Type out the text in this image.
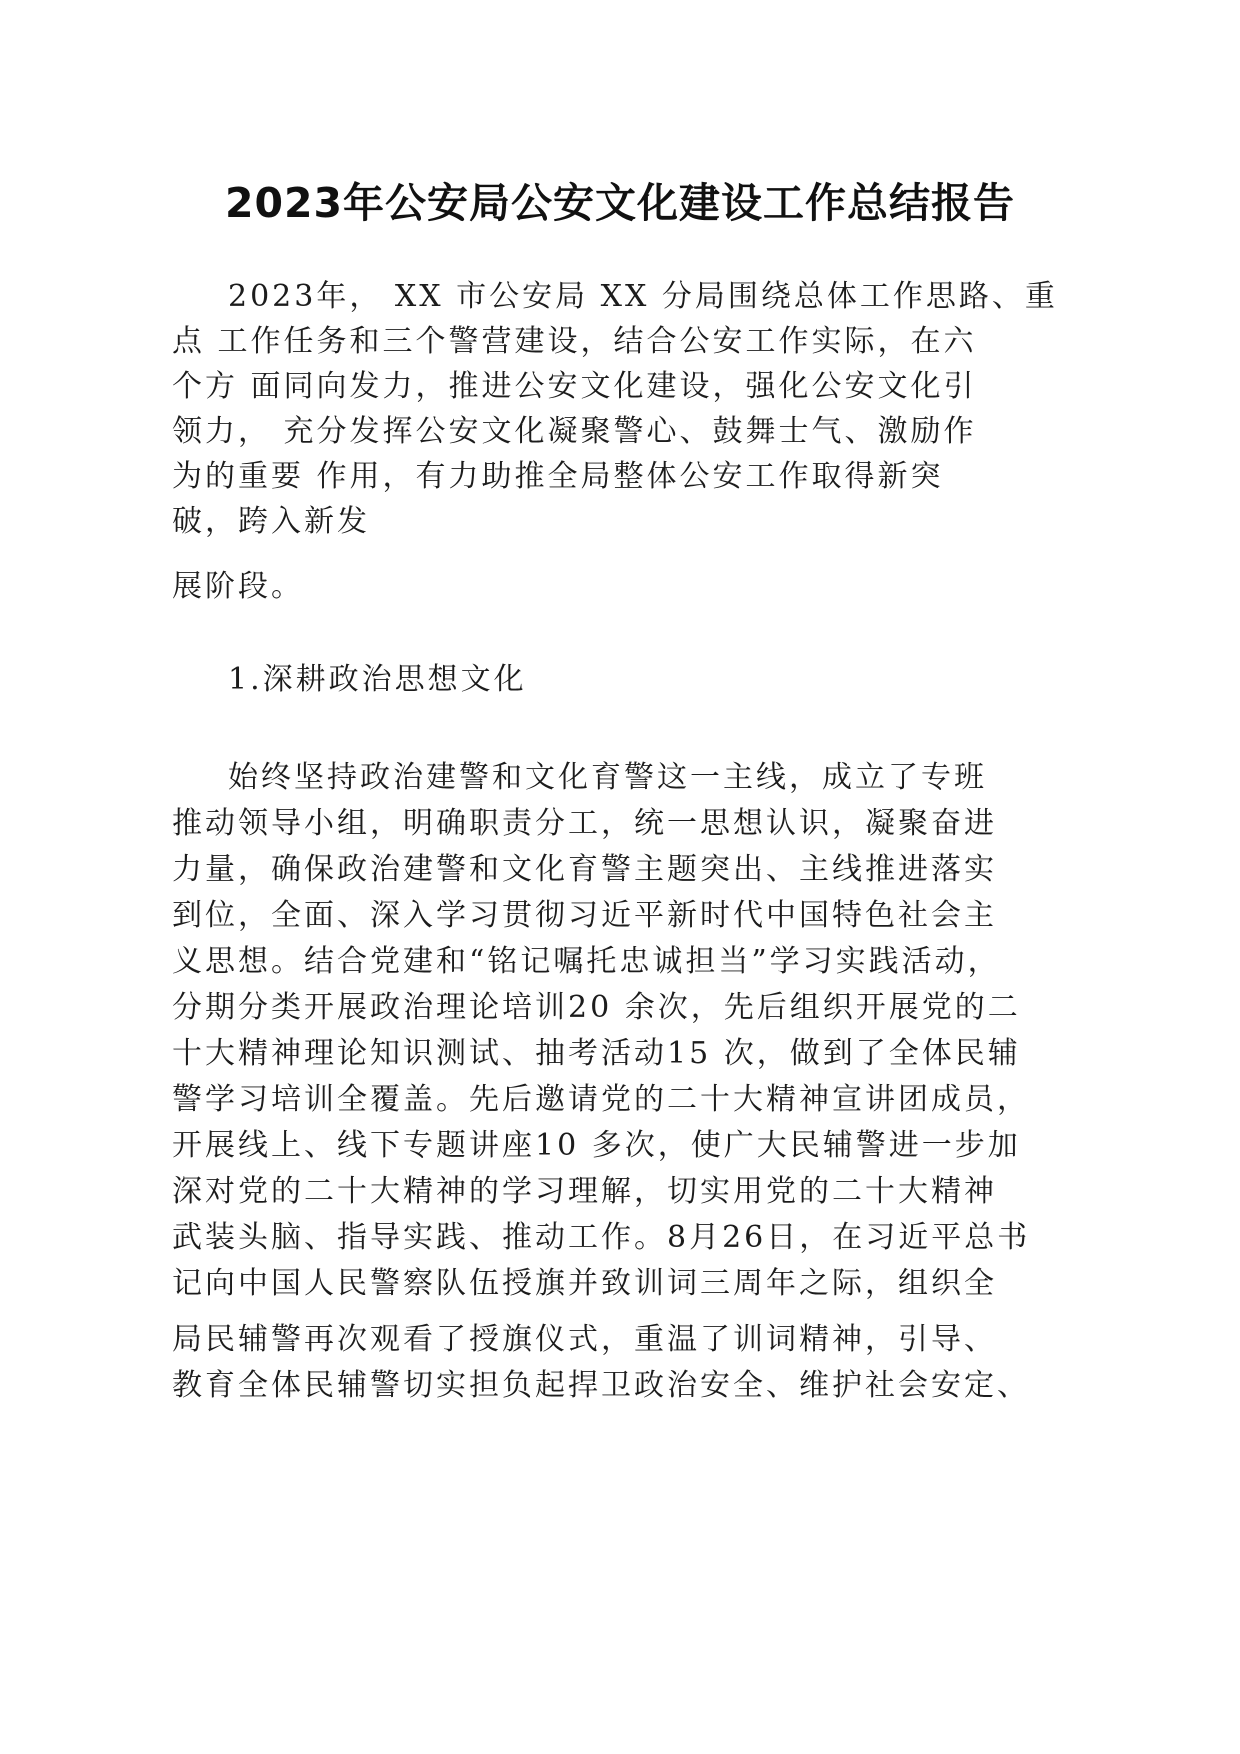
2023年公安局公安文化建设工作总结报告
2023年， XX 市公安局 XX 分局围绕总体工作思路、重
点 工作任务和三个警营建设，结合公安工作实际，在六
个方 面同向发力，推进公安文化建设，强化公安文化引
领力， 充分发挥公安文化凝聚警心、鼓舞士气、激励作
为的重要 作用，有力助推全局整体公安工作取得新突
破，跨入新发
展阶段。
1.深耕政治思想文化
始终坚持政治建警和文化育警这一主线，成立了专班
推动领导小组，明确职责分工，统一思想认识，凝聚奋进
力量，确保政治建警和文化育警主题突出、主线推进落实
到位，全面、深入学习贯彻习近平新时代中国特色社会主
义思想。结合党建和“铭记嘱托忠诚担当”学习实践活动，
分期分类开展政治理论培训20 余次，先后组织开展党的二
十大精神理论知识测试、抽考活动15 次，做到了全体民辅
警学习培训全覆盖。先后邀请党的二十大精神宣讲团成员，
开展线上、线下专题讲座10 多次，使广大民辅警进一步加
深对党的二十大精神的学习理解，切实用党的二十大精神
武装头脑、指导实践、推动工作。8月26日，在习近平总书
记向中国人民警察队伍授旗并致训词三周年之际，组织全
局民辅警再次观看了授旗仪式，重温了训词精神，引导、
教育全体民辅警切实担负起捍卫政治安全、维护社会安定、
